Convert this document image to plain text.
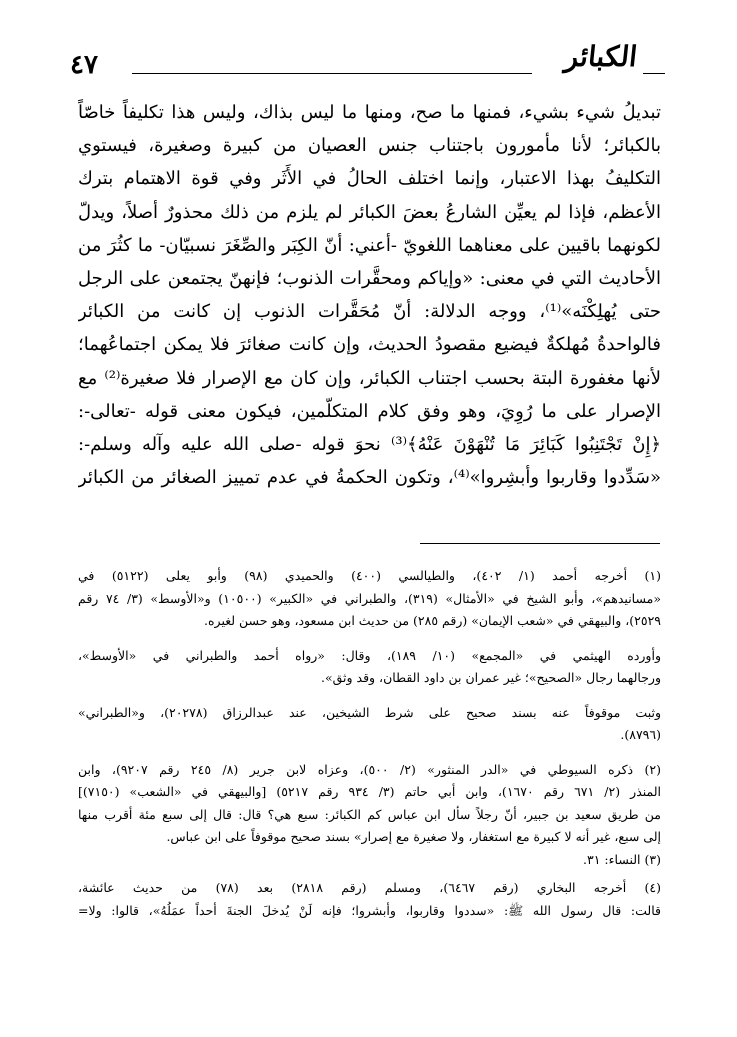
٤٧	الكبائر
تبديلُ شيء بشيء، فمنها ما صح، ومنها ما ليس بذاك، وليس هذا تكليفاً خاصّاً
بالكبائر؛ لأنا مأمورون باجتناب جنس العصيان من كبيرة وصغيرة، فيستوي
التكليفُ بهذا الاعتبار، وإنما اختلف الحالُ في الأَثَر وفي قوة الاهتمام بترك
الأعظم، فإذا لم يعيِّن الشارعُ بعضَ الكبائر لم يلزم من ذلك محذورٌ أصلاً، ويدلّ
لكونهما باقيين على معناهما اللغويّ -أعني: أنّ الكِبَر والصِّغَرَ نسبيّان- ما كثُرَ من
الأحاديث التي في معنى: «وإياكم ومحقَّرات الذنوب؛ فإنهنّ يجتمعن على الرجل
حتى يُهلِكْنَه»⁽¹⁾، ووجه الدلالة: أنّ مُحَقَّرات الذنوب إن كانت من الكبائر
فالواحدةُ مُهلكةٌ فيضيع مقصودُ الحديث، وإن كانت صغائرَ فلا يمكن اجتماعُهما؛
لأنها مغفورة البتة بحسب اجتناب الكبائر، وإن كان مع الإصرار فلا صغيرة⁽²⁾ مع
الإصرار على ما رُوِيَ، وهو وفق كلام المتكلّمين، فيكون معنى قوله -تعالى-:
﴿إِنْ تَجْتَنِبُوا كَبَائِرَ مَا تُنْهَوْنَ عَنْهُ﴾⁽³⁾ نحوَ قوله -صلى الله عليه وآله وسلم-:
«سَدِّدوا وقاربوا وأبشِروا»⁽⁴⁾، وتكون الحكمةُ في عدم تمييز الصغائر من الكبائر
(١) أخرجه أحمد (١/ ٤٠٢)، والطيالسي (٤٠٠) والحميدي (٩٨) وأبو يعلى (٥١٢٢) في
«مسانيدهم»، وأبو الشيخ في «الأمثال» (٣١٩)، والطبراني في «الكبير» (١٠٥٠٠) و«الأوسط» (٣/ ٧٤ رقم
٢٥٢٩)، والبيهقي في «شعب الإيمان» (رقم ٢٨٥) من حديث ابن مسعود، وهو حسن لغيره.
وأورده الهيثمي في «المجمع» (١٠/ ١٨٩)، وقال: «رواه أحمد والطبراني في «الأوسط»،
ورجالهما رجال «الصحيح»؛ غير عمران بن داود القطان، وقد وثق».
وثبت موقوفاً عنه بسند صحيح على شرط الشيخين، عند عبدالرزاق (٢٠٢٧٨)، و«الطبراني»
(٨٧٩٦).
(٢) ذكره السيوطي في «الدر المنثور» (٢/ ٥٠٠)، وعزاه لابن جرير (٨/ ٢٤٥ رقم ٩٢٠٧)، وابن
المنذر (٢/ ٦٧١ رقم ١٦٧٠)، وابن أبي حاتم (٣/ ٩٣٤ رقم ٥٢١٧) [والبيهقي في «الشعب» (٧١٥٠)]
من طريق سعيد بن جبير، أنّ رجلاً سأل ابن عباس كم الكبائر: سبع هي؟ قال: قال إلى سبع مئة أقرب منها
إلى سبع، غير أنه لا كبيرة مع استغفار، ولا صغيرة مع إصرار» بسند صحيح موقوفاً على ابن عباس.
(٣) النساء: ٣١.
(٤) أخرجه البخاري (رقم ٦٤٦٧)، ومسلم (رقم ٢٨١٨) بعد (٧٨) من حديث عائشة،
قالت: قال رسول الله ﷺ: «سددوا وقاربوا، وأبشروا؛ فإنه لَنْ يُدخلَ الجنةَ أحداً عمَلُهُ»، قالوا: ولا=
